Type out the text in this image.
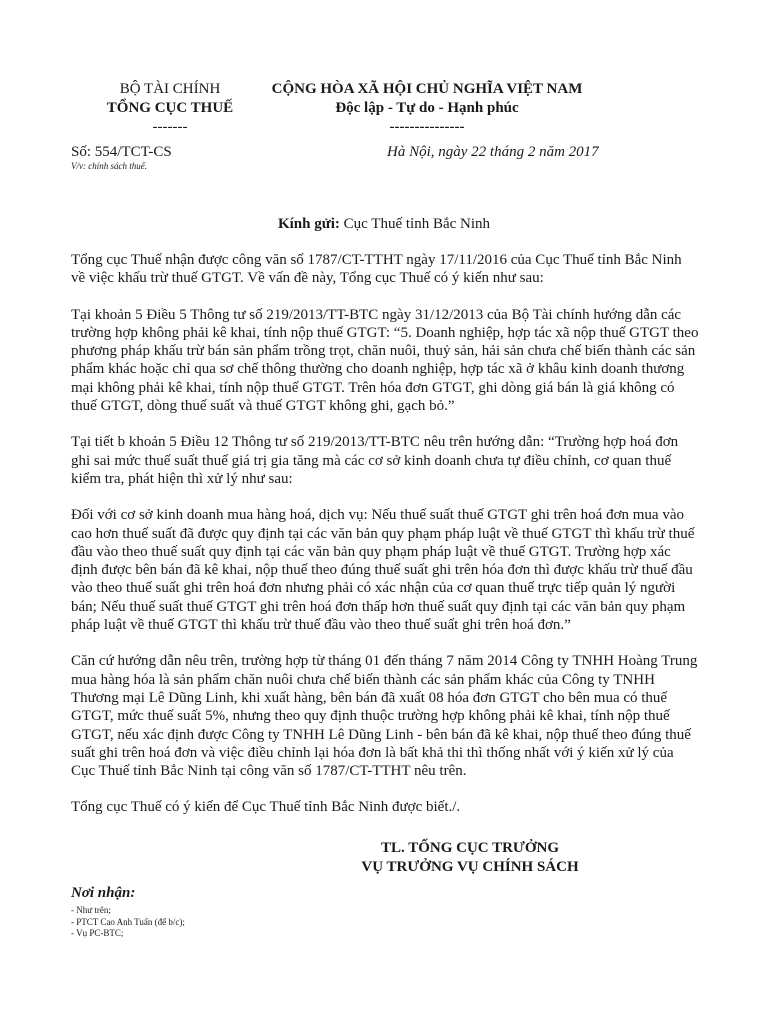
BỘ TÀI CHÍNH
TỔNG CỤC THUẾ
-------
CỘNG HÒA XÃ HỘI CHỦ NGHĨA VIỆT NAM
Độc lập - Tự do - Hạnh phúc
---------------
Số: 554/TCT-CS
V/v: chính sách thuế.
Hà Nội, ngày 22 tháng 2 năm 2017
Kính gửi: Cục Thuế tỉnh Bắc Ninh

Tổng cục Thuế nhận được công văn số 1787/CT-TTHT ngày 17/11/2016 của Cục Thuế tỉnh Bắc Ninh về việc khấu trừ thuế GTGT. Về vấn đề này, Tổng cục Thuế có ý kiến như sau:

Tại khoản 5 Điều 5 Thông tư số 219/2013/TT-BTC ngày 31/12/2013 của Bộ Tài chính hướng dẫn các trường hợp không phải kê khai, tính nộp thuế GTGT: “5. Doanh nghiệp, hợp tác xã nộp thuế GTGT theo phương pháp khấu trừ bán sản phẩm trồng trọt, chăn nuôi, thuỷ sản, hải sản chưa chế biến thành các sản phẩm khác hoặc chỉ qua sơ chế thông thường cho doanh nghiệp, hợp tác xã ở khâu kinh doanh thương mại không phải kê khai, tính nộp thuế GTGT. Trên hóa đơn GTGT, ghi dòng giá bán là giá không có thuế GTGT, dòng thuế suất và thuế GTGT không ghi, gạch bỏ.”

Tại tiết b khoản 5 Điều 12 Thông tư số 219/2013/TT-BTC nêu trên hướng dẫn: “Trường hợp hoá đơn ghi sai mức thuế suất thuế giá trị gia tăng mà các cơ sở kinh doanh chưa tự điều chỉnh, cơ quan thuế kiểm tra, phát hiện thì xử lý như sau:

Đối với cơ sở kinh doanh mua hàng hoá, dịch vụ: Nếu thuế suất thuế GTGT ghi trên hoá đơn mua vào cao hơn thuế suất đã được quy định tại các văn bản quy phạm pháp luật về thuế GTGT thì khấu trừ thuế đầu vào theo thuế suất quy định tại các văn bản quy phạm pháp luật về thuế GTGT. Trường hợp xác định được bên bán đã kê khai, nộp thuế theo đúng thuế suất ghi trên hóa đơn thì được khấu trừ thuế đầu vào theo thuế suất ghi trên hoá đơn nhưng phải có xác nhận của cơ quan thuế trực tiếp quản lý người bán; Nếu thuế suất thuế GTGT ghi trên hoá đơn thấp hơn thuế suất quy định tại các văn bản quy phạm pháp luật về thuế GTGT thì khấu trừ thuế đầu vào theo thuế suất ghi trên hoá đơn.”

Căn cứ hướng dẫn nêu trên, trường hợp từ tháng 01 đến tháng 7 năm 2014 Công ty TNHH Hoàng Trung mua hàng hóa là sản phẩm chăn nuôi chưa chế biến thành các sản phẩm khác của Công ty TNHH Thương mại Lê Dũng Linh, khi xuất hàng, bên bán đã xuất 08 hóa đơn GTGT cho bên mua có thuế GTGT, mức thuế suất 5%, nhưng theo quy định thuộc trường hợp không phải kê khai, tính nộp thuế GTGT, nếu xác định được Công ty TNHH Lê Dũng Linh - bên bán đã kê khai, nộp thuế theo đúng thuế suất ghi trên hoá đơn và việc điều chỉnh lại hóa đơn là bất khả thi thì thống nhất với ý kiến xử lý của Cục Thuế tỉnh Bắc Ninh tại công văn số 1787/CT-TTHT nêu trên.

Tổng cục Thuế có ý kiến để Cục Thuế tỉnh Bắc Ninh được biết./.

TL. TỔNG CỤC TRƯỞNG
VỤ TRƯỞNG VỤ CHÍNH SÁCH
Nơi nhận:
- Như trên;
- PTCT Cao Anh Tuấn (để b/c);
- Vụ PC-BTC;
